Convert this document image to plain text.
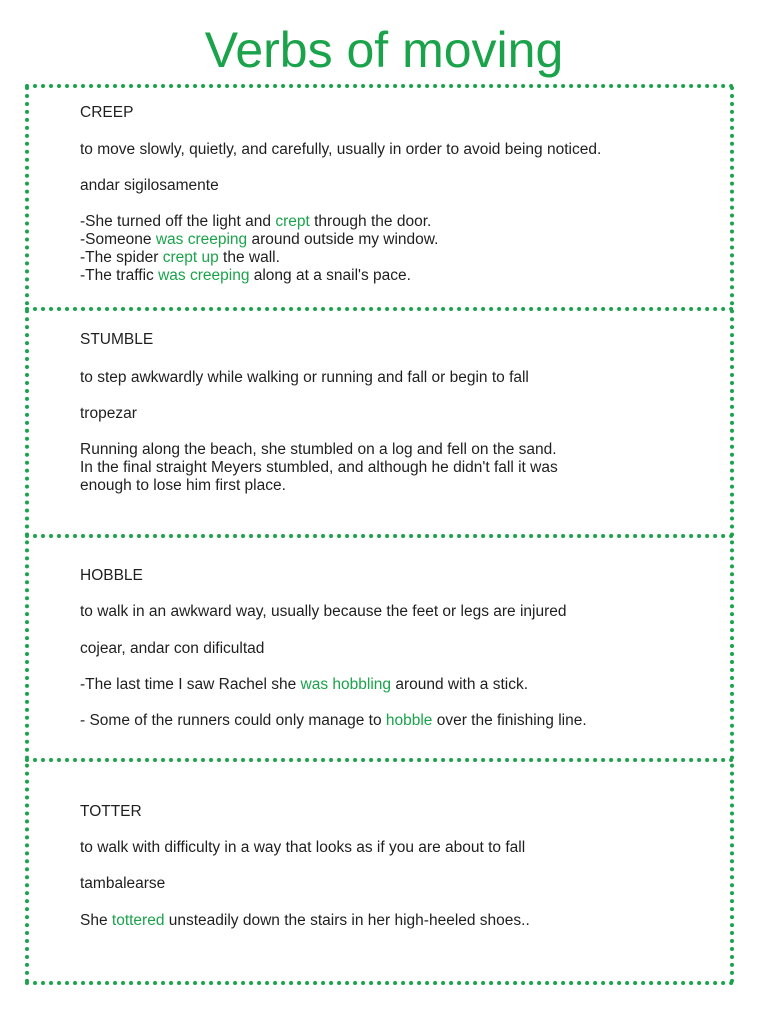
Verbs of moving

CREEP

to move slowly, quietly, and carefully, usually in order to avoid being noticed.

andar sigilosamente

-She turned off the light and crept through the door.

-Someone was creeping around outside my window.

-The spider crept up the wall.

-The traffic was creeping along at a snail's pace.

STUMBLE

to step awkwardly while walking or running and fall or begin to fall

tropezar

Running along the beach, she stumbled on a log and fell on the sand.

In the final straight Meyers stumbled, and although he didn't fall it was

enough to lose him first place.

HOBBLE

to walk in an awkward way, usually because the feet or legs are injured

cojear, andar con dificultad

-The last time I saw Rachel she was hobbling around with a stick.

- Some of the runners could only manage to hobble over the finishing line.

TOTTER

to walk with difficulty in a way that looks as if you are about to fall

tambalearse

She tottered unsteadily down the stairs in her high-heeled shoes..
